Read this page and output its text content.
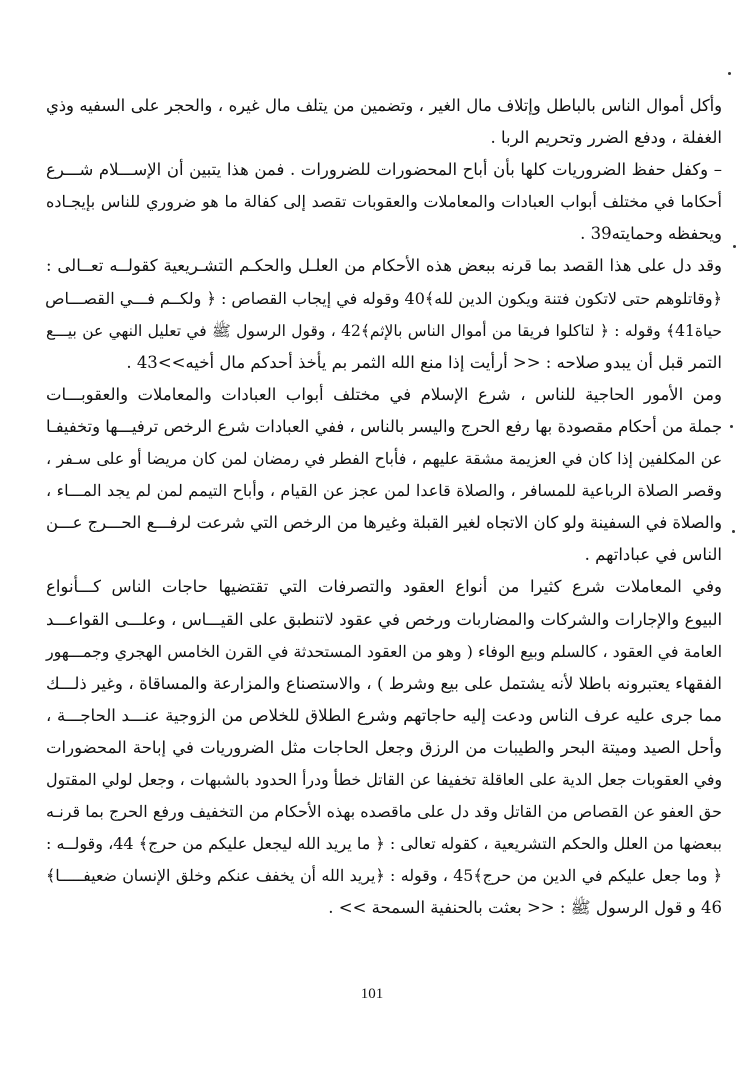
وأكل أموال الناس بالباطل وإتلاف مال الغير ، وتضمين من يتلف مال غيره ، والحجر على السفيه وذي
الغفلة ، ودفع الضرر وتحريم الربا .
– وكفل حفظ الضروريات كلها بأن أباح المحضورات للضرورات . فمن هذا يتبين أن الإســـلام شـــرع
أحكاما في مختلف أبواب العبادات والمعاملات والعقوبات تقصد إلى كفالة ما هو ضروري للناس بإيجـاده
ويحفظه وحمايته39 .
وقد دل على هذا القصد بما قرنه ببعض هذه الأحكام من العلـل والحكـم التشـريعية كقولــه تعــالى :
﴿وقاتلوهم حتى لاتكون فتنة ويكون الدين لله﴾40 وقوله في إيجاب القصاص : ﴿ ولكــم فـــي القصـــاص
حياة41﴾ وقوله : ﴿ لتاكلوا فريقا من أموال الناس بالإثم﴾42 ، وقول الرسول ﷺ في تعليل النهي عن بيـــع
التمر قبل أن يبدو صلاحه : << أرأيت إذا منع الله الثمر بم يأخذ أحدكم مال أخيه>>43 .
ومن الأمور الحاجية للناس ، شرع الإسلام في مختلف أبواب العبادات والمعاملات والعقوبـــات
جملة من أحكام مقصودة بها رفع الحرج واليسر بالناس ، ففي العبادات شرع الرخص ترفيـــها وتخفيفـا
عن المكلفين إذا كان في العزيمة مشقة عليهم ، فأباح الفطر في رمضان لمن كان مريضا أو على سـفر ،
وقصر الصلاة الرباعية للمسافر ، والصلاة قاعدا لمن عجز عن القيام ، وأباح التيمم لمن لم يجد المـــاء ،
والصلاة في السفينة ولو كان الاتجاه لغير القبلة وغيرها من الرخص التي شرعت لرفـــع الحـــرج عـــن
الناس في عباداتهم .
وفي المعاملات شرع كثيرا من أنواع العقود والتصرفات التي تقتضيها حاجات الناس كـــأنواع
البيوع والإجارات والشركات والمضاربات ورخص في عقود لاتنطبق على القيـــاس ، وعلـــى القواعـــد
العامة في العقود ، كالسلم وبيع الوفاء ( وهو من العقود المستحدثة في القرن الخامس الهجري وجمـــهور
الفقهاء يعتبرونه باطلا لأنه يشتمل على بيع وشرط ) ، والاستصناع والمزارعة والمساقاة ، وغير ذلـــك
مما جرى عليه عرف الناس ودعت إليه حاجاتهم وشرع الطلاق للخلاص من الزوجية عنـــد الحاجـــة ،
وأحل الصيد وميتة البحر والطيبات من الرزق وجعل الحاجات مثل الضروريات في إباحة المحضورات
وفي العقوبات جعل الدية على العاقلة تخفيفا عن القاتل خطأ ودرأ الحدود بالشبهات ، وجعل لولي المقتول
حق العفو عن القصاص من القاتل وقد دل على ماقصده بهذه الأحكام من التخفيف ورفع الحرج بما قرنـه
ببعضها من العلل والحكم التشريعية ، كقوله تعالى : ﴿ ما يريد الله ليجعل عليكم من حرج﴾ 44، وقولــه :
﴿ وما جعل عليكم في الدين من حرج﴾45 ، وقوله : ﴿يريد الله أن يخفف عنكم وخلق الإنسان ضعيفـــــا﴾
46 و قول الرسول ﷺ : << بعثت بالحنفية السمحة >> .
101
